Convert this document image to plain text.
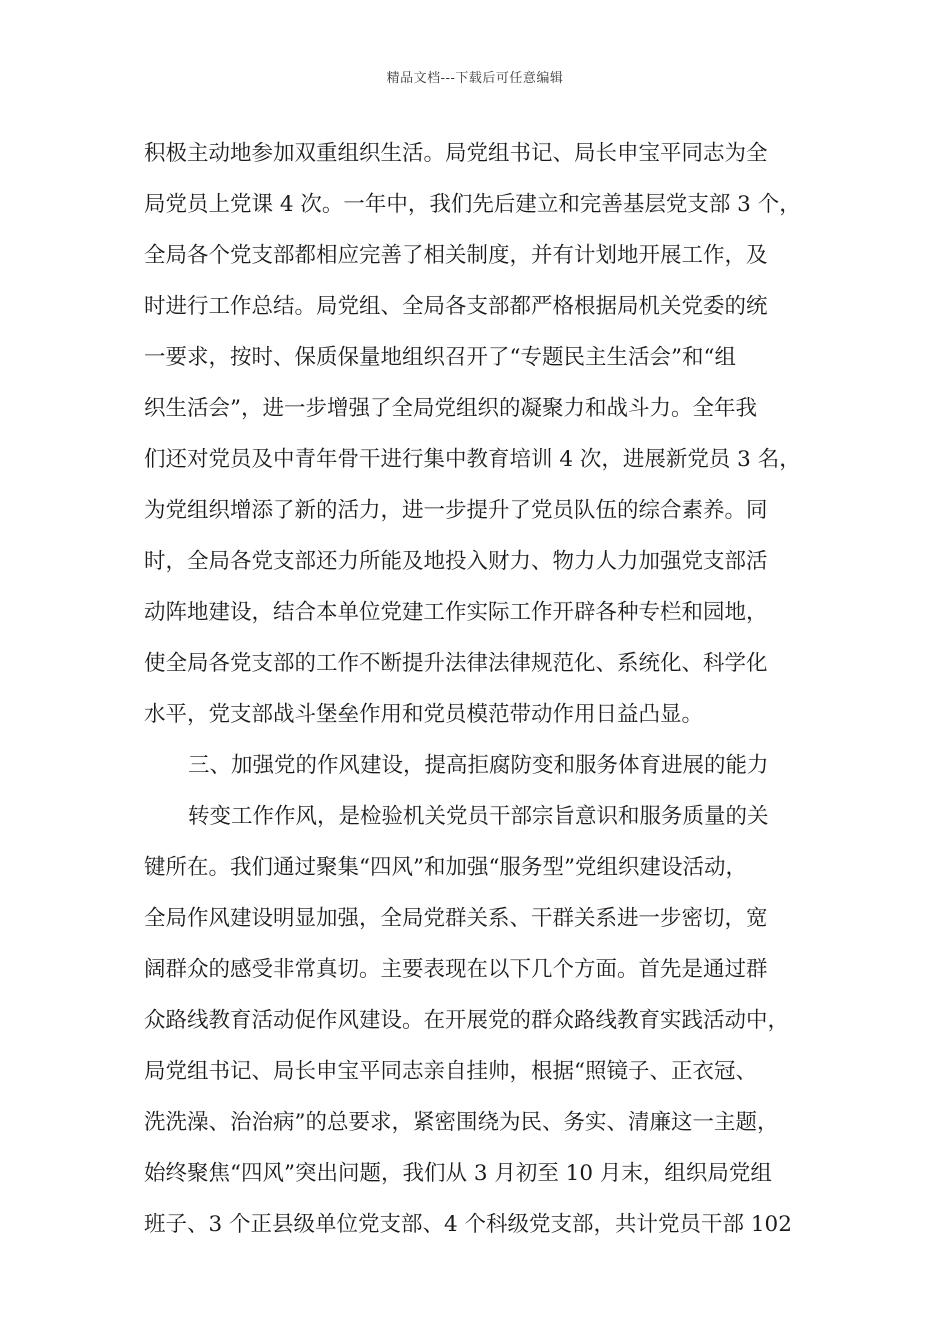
精品文档---下载后可任意编辑
积极主动地参加双重组织生活。局党组书记、局长申宝平同志为全
局党员上党课 4 次。一年中，我们先后建立和完善基层党支部 3 个，
全局各个党支部都相应完善了相关制度，并有计划地开展工作，及
时进行工作总结。局党组、全局各支部都严格根据局机关党委的统
一要求，按时、保质保量地组织召开了“专题民主生活会”和“组
织生活会”，进一步增强了全局党组织的凝聚力和战斗力。全年我
们还对党员及中青年骨干进行集中教育培训 4 次，进展新党员 3 名，
为党组织增添了新的活力，进一步提升了党员队伍的综合素养。同
时，全局各党支部还力所能及地投入财力、物力人力加强党支部活
动阵地建设，结合本单位党建工作实际工作开辟各种专栏和园地，
使全局各党支部的工作不断提升法律法律规范化、系统化、科学化
水平，党支部战斗堡垒作用和党员模范带动作用日益凸显。
三、加强党的作风建设，提高拒腐防变和服务体育进展的能力
转变工作作风，是检验机关党员干部宗旨意识和服务质量的关
键所在。我们通过聚集“四风”和加强“服务型”党组织建设活动，
全局作风建设明显加强，全局党群关系、干群关系进一步密切，宽
阔群众的感受非常真切。主要表现在以下几个方面。首先是通过群
众路线教育活动促作风建设。在开展党的群众路线教育实践活动中，
局党组书记、局长申宝平同志亲自挂帅，根据“照镜子、正衣冠、
洗洗澡、治治病”的总要求，紧密围绕为民、务实、清廉这一主题，
始终聚焦“四风”突出问题，我们从 3 月初至 10 月末，组织局党组
班子、3 个正县级单位党支部、4 个科级党支部，共计党员干部 102
